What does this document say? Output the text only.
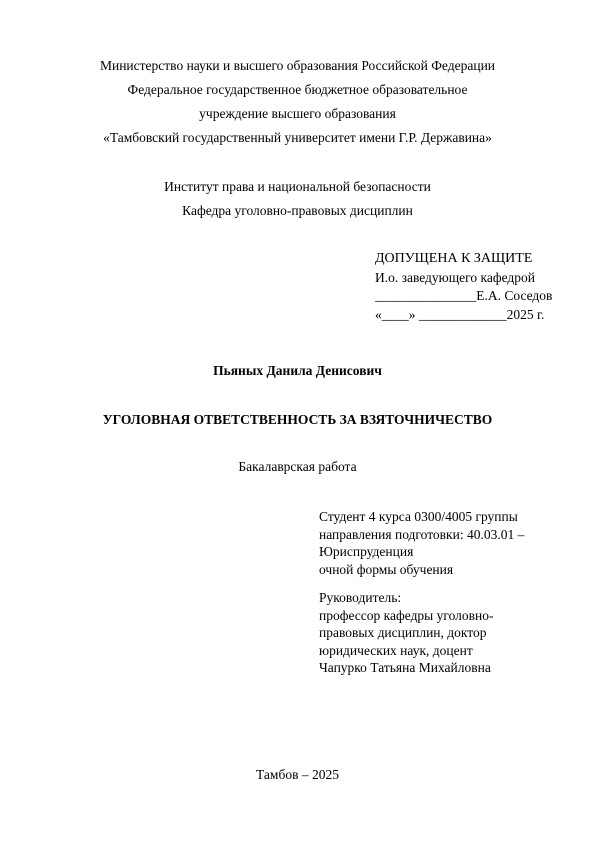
Министерство науки и высшего образования Российской Федерации
Федеральное государственное бюджетное образовательное
учреждение высшего образования
«Тамбовский государственный университет имени Г.Р. Державина»
Институт права и национальной безопасности
Кафедра уголовно-правовых дисциплин
ДОПУЩЕНА К ЗАЩИТЕ
И.о. заведующего кафедрой
_______________Е.А. Соседов
«____» _____________2025 г.
Пьяных Данила Денисович
УГОЛОВНАЯ ОТВЕТСТВЕННОСТЬ ЗА ВЗЯТОЧНИЧЕСТВО
Бакалаврская работа
Студент 4 курса 0300/4005 группы
направления подготовки: 40.03.01 –
Юриспруденция
очной формы обучения
Руководитель:
профессор кафедры уголовно-
правовых дисциплин, доктор
юридических наук, доцент
Чапурко Татьяна Михайловна
Тамбов – 2025
